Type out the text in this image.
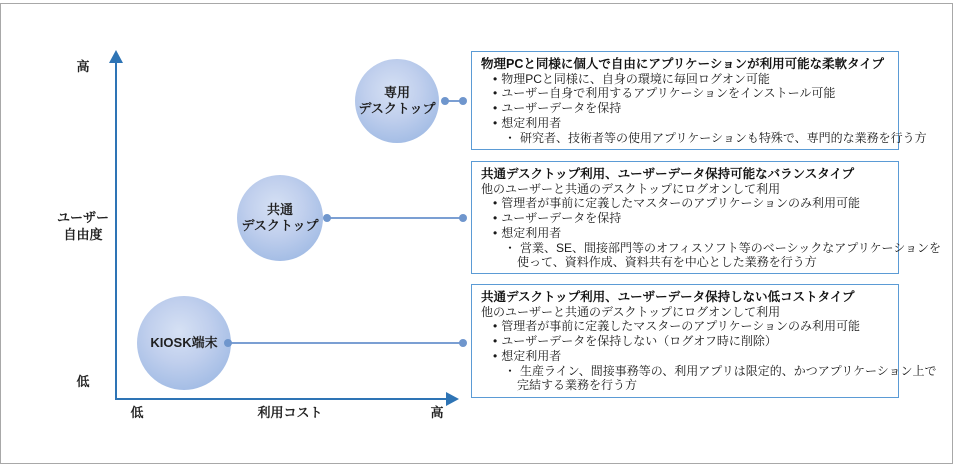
高
ユーザー
自由度
低
低	利用コスト	高
専用
デスクトップ
共通
デスクトップ
KIOSK端末
物理PCと同様に個人で自由にアプリケーションが利用可能な柔軟タイプ
• 物理PCと同様に、自身の環境に毎回ログオン可能
• ユーザー自身で利用するアプリケーションをインストール可能
• ユーザーデータを保持
• 想定利用者
・ 研究者、技術者等の使用アプリケーションも特殊で、専門的な業務を行う方
共通デスクトップ利用、ユーザーデータ保持可能なバランスタイプ
他のユーザーと共通のデスクトップにログオンして利用
• 管理者が事前に定義したマスターのアプリケーションのみ利用可能
• ユーザーデータを保持
• 想定利用者
・ 営業、SE、間接部門等のオフィスソフト等のベーシックなアプリケーションを
使って、資料作成、資料共有を中心とした業務を行う方
共通デスクトップ利用、ユーザーデータ保持しない低コストタイプ
他のユーザーと共通のデスクトップにログオンして利用
• 管理者が事前に定義したマスターのアプリケーションのみ利用可能
• ユーザーデータを保持しない（ログオフ時に削除）
• 想定利用者
・ 生産ライン、間接事務等の、利用アプリは限定的、かつアプリケーション上で
完結する業務を行う方
